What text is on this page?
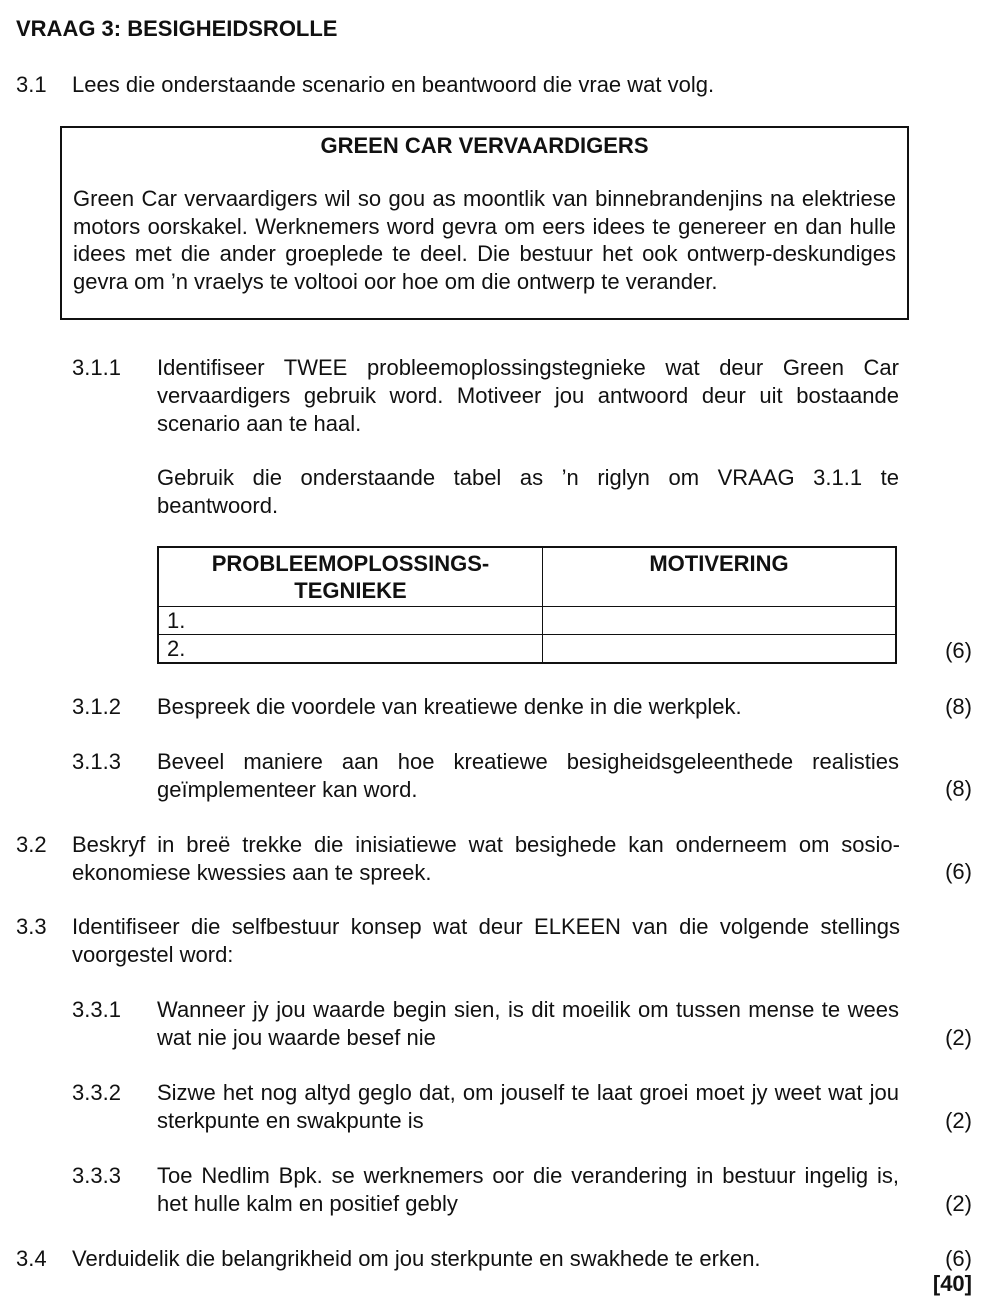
VRAAG 3: BESIGHEIDSROLLE
3.1 Lees die onderstaande scenario en beantwoord die vrae wat volg.
GREEN CAR VERVAARDIGERS
Green Car vervaardigers wil so gou as moontlik van binnebrandenjins na elektriese motors oorskakel. Werknemers word gevra om eers idees te genereer en dan hulle idees met die ander groeplede te deel. Die bestuur het ook ontwerp-deskundiges gevra om ’n vraelys te voltooi oor hoe om die ontwerp te verander.
3.1.1 Identifiseer TWEE probleemoplossingstegnieke wat deur Green Car vervaardigers gebruik word. Motiveer jou antwoord deur uit bostaande scenario aan te haal.
Gebruik die onderstaande tabel as ’n riglyn om VRAAG 3.1.1 te beantwoord.
PROBLEEMOPLOSSINGS-
TEGNIEKE	MOTIVERING
1.	
2.		(6)
3.1.2 Bespreek die voordele van kreatiewe denke in die werkplek.	(8)
3.1.3 Beveel maniere aan hoe kreatiewe besigheidsgeleenthede realisties geïmplementeer kan word.	(8)
3.2 Beskryf in breë trekke die inisiatiewe wat besighede kan onderneem om sosio-ekonomiese kwessies aan te spreek.	(6)
3.3 Identifiseer die selfbestuur konsep wat deur ELKEEN van die volgende stellings voorgestel word:
3.3.1 Wanneer jy jou waarde begin sien, is dit moeilik om tussen mense te wees wat nie jou waarde besef nie	(2)
3.3.2 Sizwe het nog altyd geglo dat, om jouself te laat groei moet jy weet wat jou sterkpunte en swakpunte is	(2)
3.3.3 Toe Nedlim Bpk. se werknemers oor die verandering in bestuur ingelig is, het hulle kalm en positief gebly	(2)
3.4 Verduidelik die belangrikheid om jou sterkpunte en swakhede te erken.	(6)
[40]
